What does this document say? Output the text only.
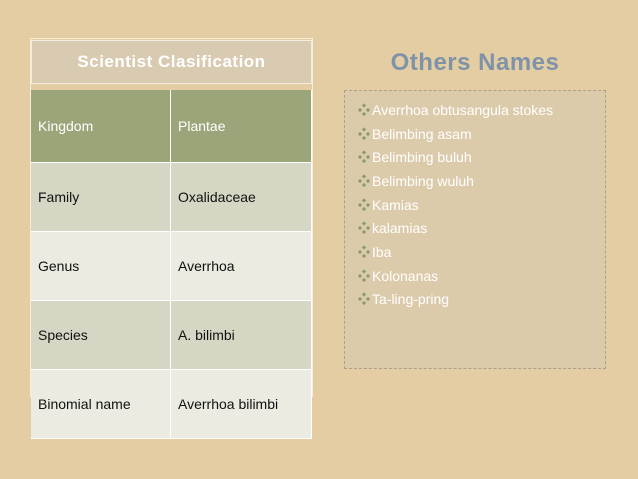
Scientist Clasification
Kingdom	Plantae
Family	Oxalidaceae
Genus	Averrhoa
Species	A. bilimbi
Binomial name	Averrhoa bilimbi
Others Names
Averrhoa obtusangula stokes
Belimbing asam
Belimbing buluh
Belimbing wuluh
Kamias
kalamias
Iba
Kolonanas
Ta-ling-pring
